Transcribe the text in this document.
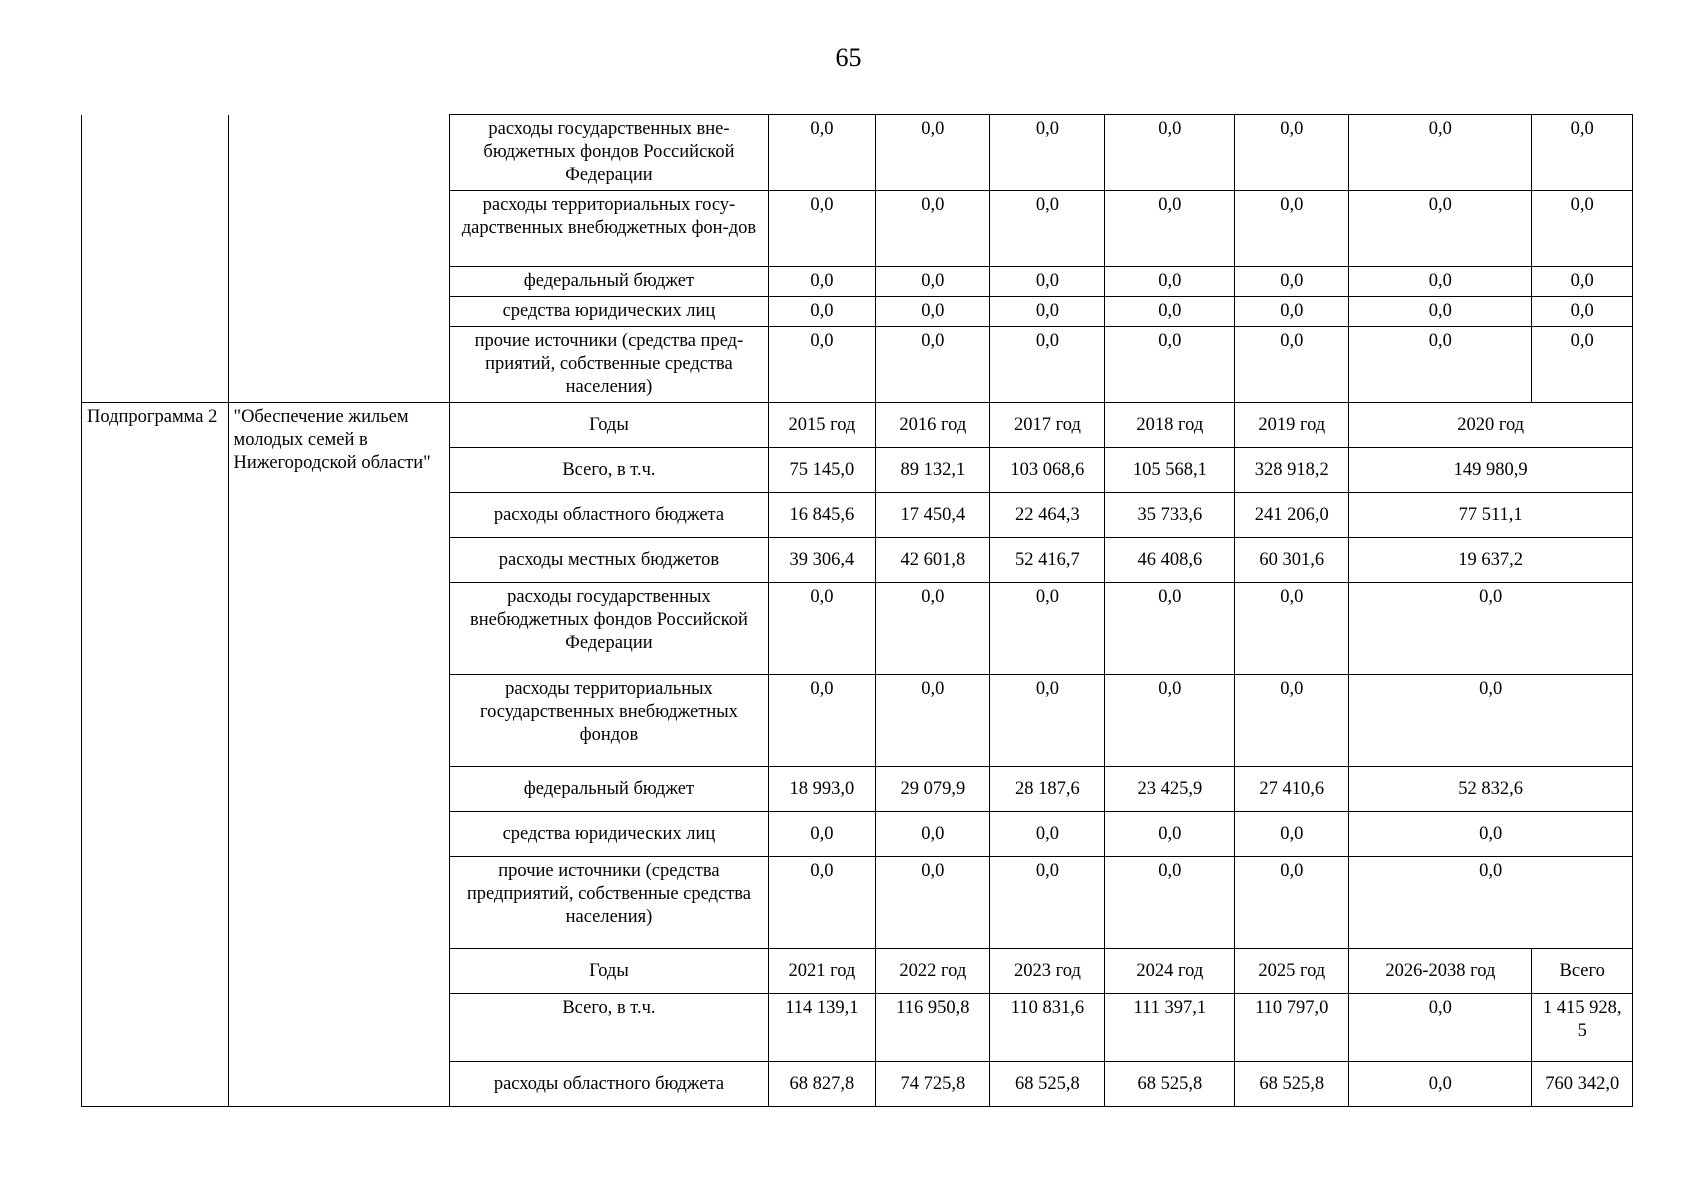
65
		расходы государственных вне-бюджетных фондов Российской Федерации	0,0	0,0	0,0	0,0	0,0	0,0	0,0
		расходы территориальных госу-дарственных внебюджетных фон-дов	0,0	0,0	0,0	0,0	0,0	0,0	0,0
		федеральный бюджет	0,0	0,0	0,0	0,0	0,0	0,0	0,0
		средства юридических лиц	0,0	0,0	0,0	0,0	0,0	0,0	0,0
		прочие источники (средства пред-приятий, собственные средства населения)	0,0	0,0	0,0	0,0	0,0	0,0	0,0
Подпрограмма 2	"Обеспечение жильем молодых семей в Нижегородской области"	Годы	2015 год	2016 год	2017 год	2018 год	2019 год	2020 год	
		Всего, в т.ч.	75 145,0	89 132,1	103 068,6	105 568,1	328 918,2	149 980,9	
		расходы областного бюджета	16 845,6	17 450,4	22 464,3	35 733,6	241 206,0	77 511,1	
		расходы местных бюджетов	39 306,4	42 601,8	52 416,7	46 408,6	60 301,6	19 637,2	
		расходы государственных внебюджетных фондов Российской Федерации	0,0	0,0	0,0	0,0	0,0	0,0	
		расходы территориальных государственных внебюджетных фондов	0,0	0,0	0,0	0,0	0,0	0,0	
		федеральный бюджет	18 993,0	29 079,9	28 187,6	23 425,9	27 410,6	52 832,6	
		средства юридических лиц	0,0	0,0	0,0	0,0	0,0	0,0	
		прочие источники (средства предприятий, собственные средства населения)	0,0	0,0	0,0	0,0	0,0	0,0	
		Годы	2021 год	2022 год	2023 год	2024 год	2025 год	2026-2038 год	Всего
		Всего, в т.ч.	114 139,1	116 950,8	110 831,6	111 397,1	110 797,0	0,0	1 415 928, 5
		расходы областного бюджета	68 827,8	74 725,8	68 525,8	68 525,8	68 525,8	0,0	760 342,0
